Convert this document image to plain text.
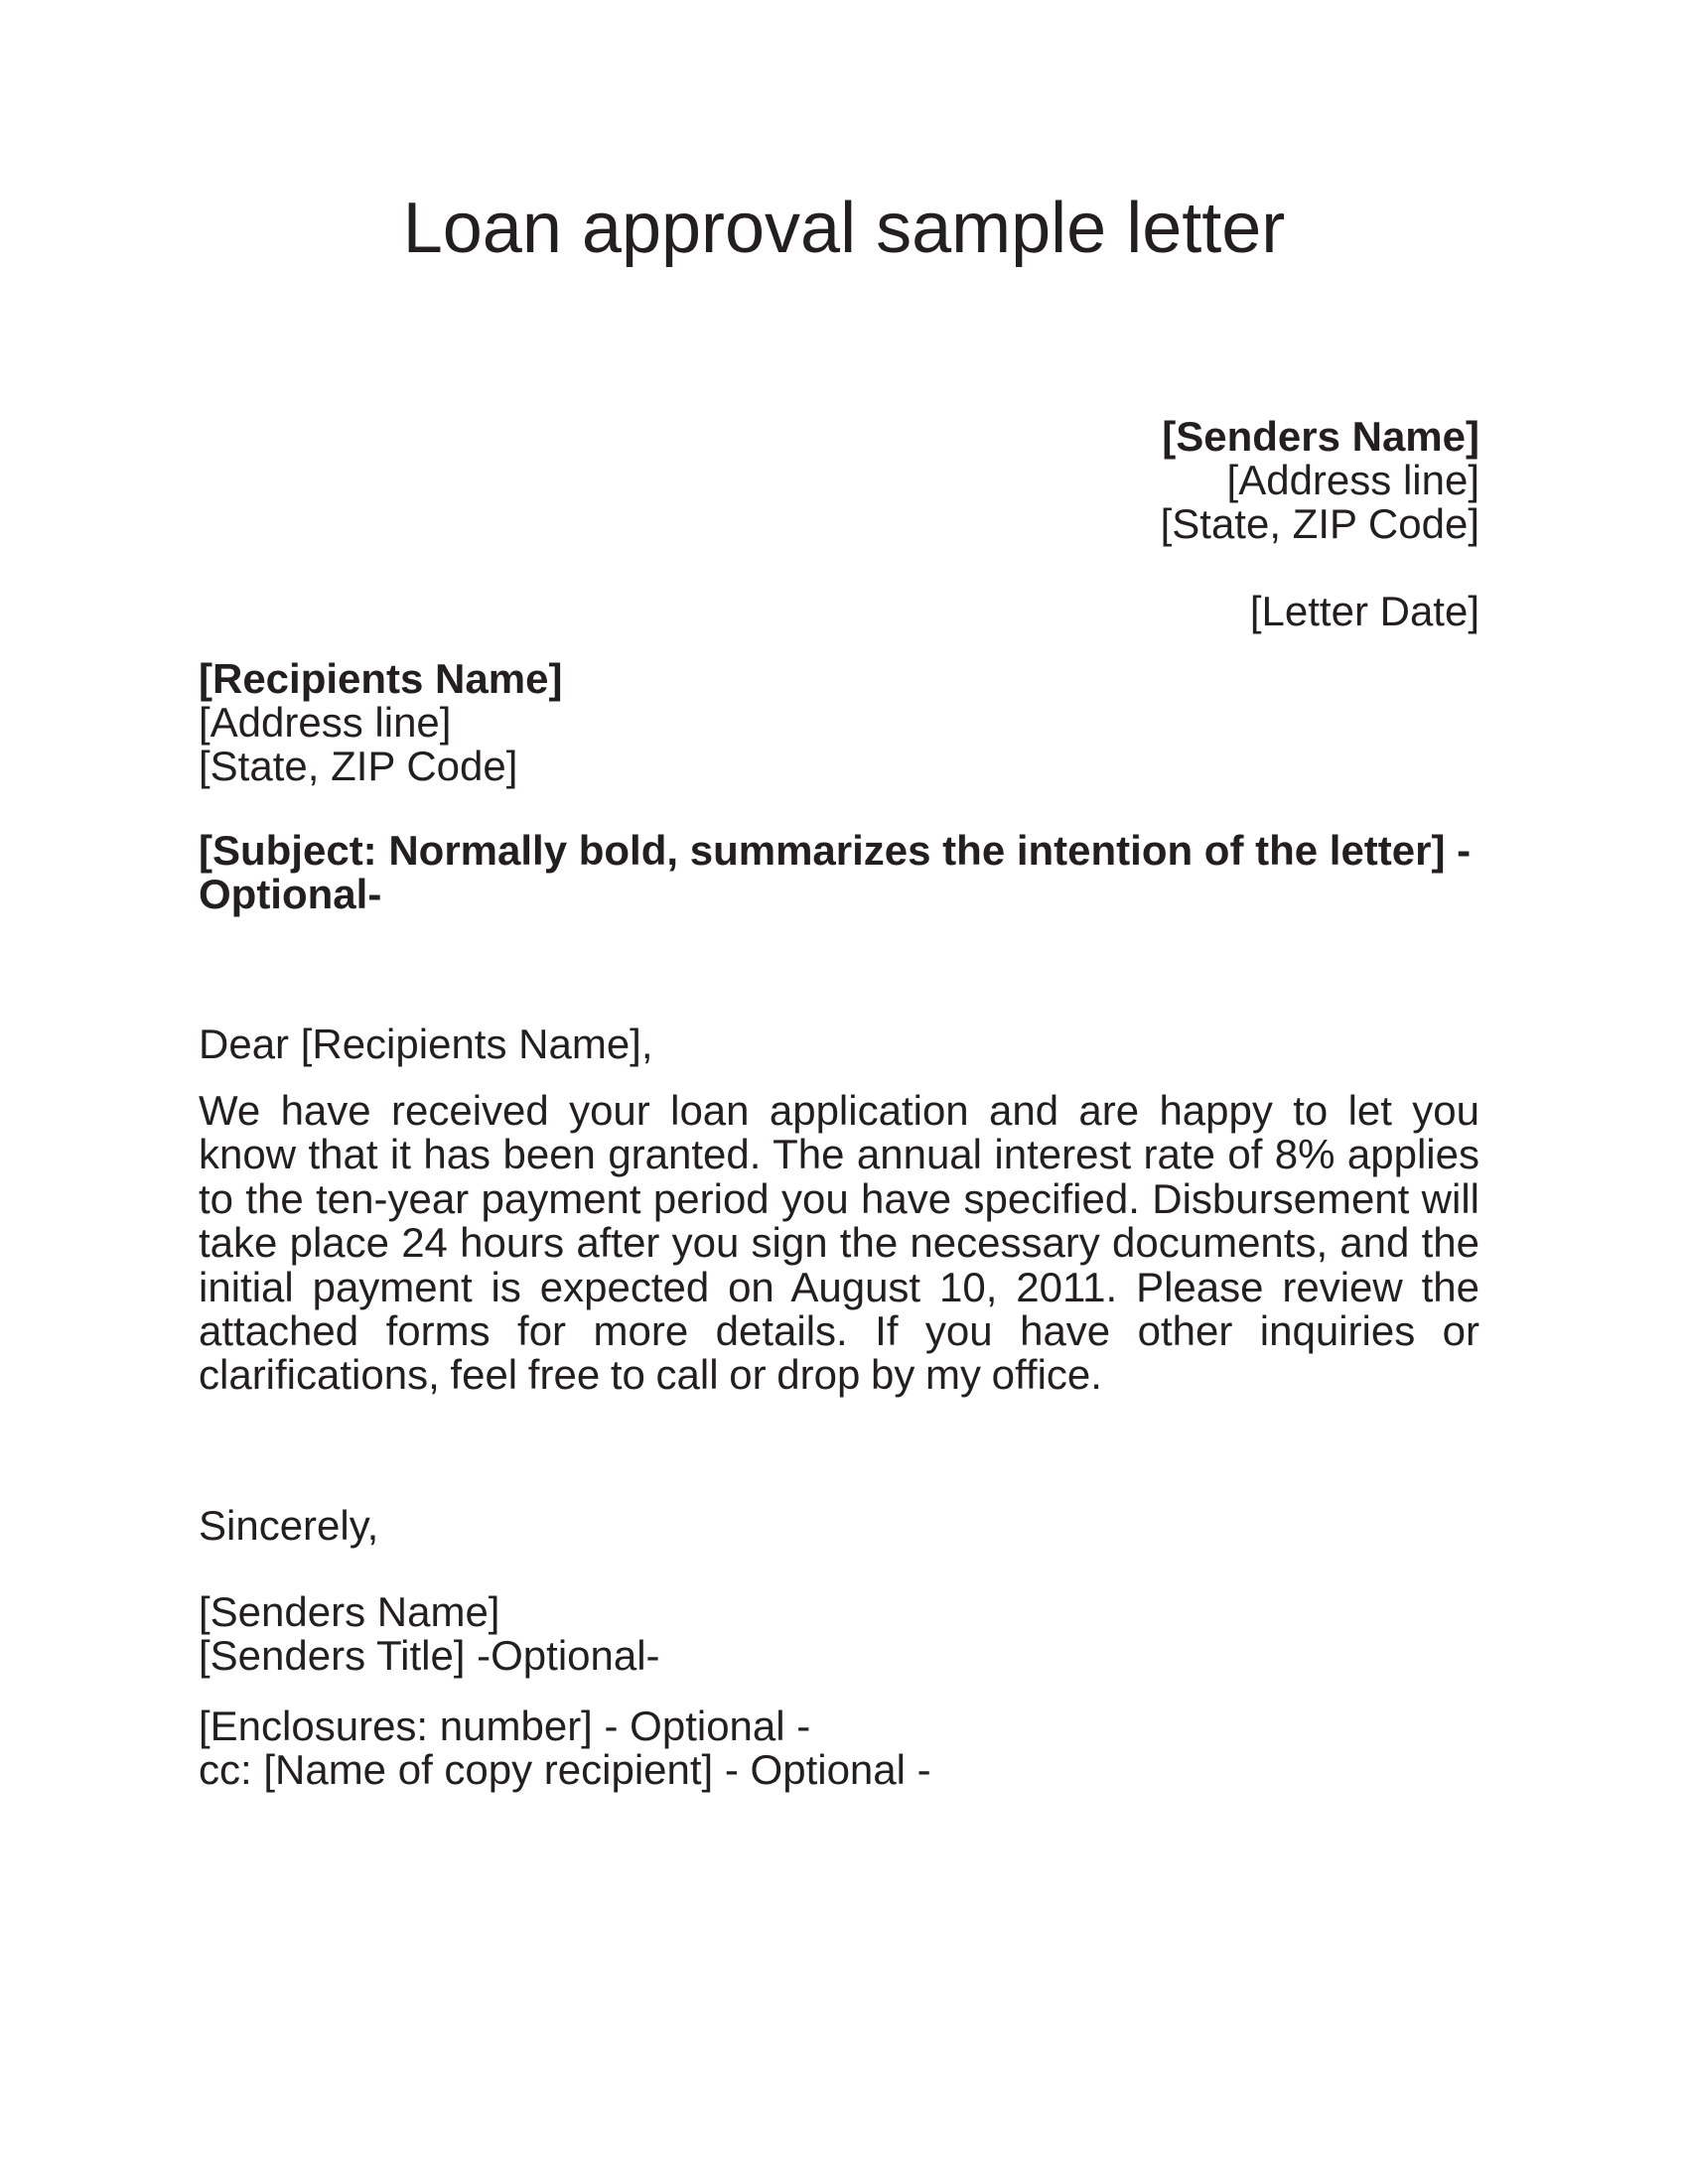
Loan approval sample letter
[Senders Name]
[Address line]
[State, ZIP Code]
[Letter Date]
[Recipients Name]
[Address line]
[State, ZIP Code]
[Subject: Normally bold, summarizes the intention of the letter] -Optional-
Dear [Recipients Name],
We have received your loan application and are happy to let you know that it has been granted. The annual interest rate of 8% applies to the ten-year payment period you have specified. Disbursement will take place 24 hours after you sign the necessary documents, and the initial payment is expected on August 10, 2011. Please review the attached forms for more details. If you have other inquiries or clarifications, feel free to call or drop by my office.
Sincerely,
[Senders Name]
[Senders Title] -Optional-
[Enclosures: number] - Optional -
cc: [Name of copy recipient] - Optional -
